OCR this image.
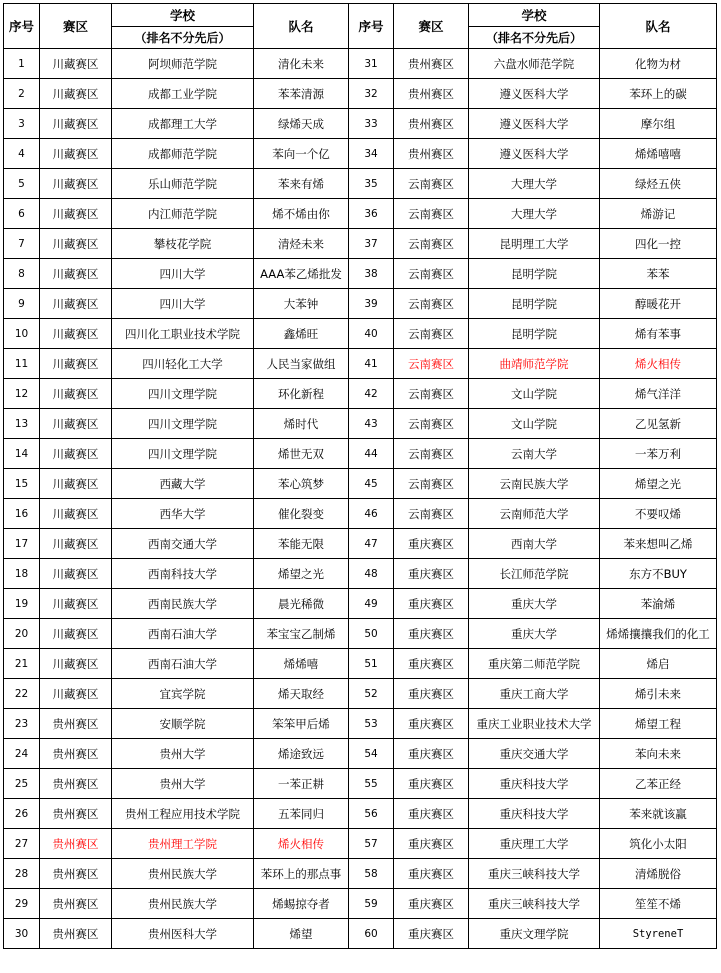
序号	赛区	学校	队名	序号	赛区	学校	队名
		（排名不分先后）				（排名不分先后）	
1	川藏赛区	阿坝师范学院	清化未来	31	贵州赛区	六盘水师范学院	化物为材
2	川藏赛区	成都工业学院	苯苯清源	32	贵州赛区	遵义医科大学	苯环上的碳
3	川藏赛区	成都理工大学	绿烯天成	33	贵州赛区	遵义医科大学	摩尔组
4	川藏赛区	成都师范学院	苯向一个亿	34	贵州赛区	遵义医科大学	烯烯嘻嘻
5	川藏赛区	乐山师范学院	苯来有烯	35	云南赛区	大理大学	绿烃五侠
6	川藏赛区	内江师范学院	烯不烯由你	36	云南赛区	大理大学	烯游记
7	川藏赛区	攀枝花学院	清烃未来	37	云南赛区	昆明理工大学	四化一控
8	川藏赛区	四川大学	AAA苯乙烯批发	38	云南赛区	昆明学院	苯苯
9	川藏赛区	四川大学	大苯钟	39	云南赛区	昆明学院	醇暖花开
10	川藏赛区	四川化工职业技术学院	鑫烯旺	40	云南赛区	昆明学院	烯有苯事
11	川藏赛区	四川轻化工大学	人民当家做组	41	云南赛区	曲靖师范学院	烯火相传
12	川藏赛区	四川文理学院	环化新程	42	云南赛区	文山学院	烯气洋洋
13	川藏赛区	四川文理学院	烯时代	43	云南赛区	文山学院	乙见氢新
14	川藏赛区	四川文理学院	烯世无双	44	云南赛区	云南大学	一苯万利
15	川藏赛区	西藏大学	苯心筑梦	45	云南赛区	云南民族大学	烯望之光
16	川藏赛区	西华大学	催化裂变	46	云南赛区	云南师范大学	不要叹烯
17	川藏赛区	西南交通大学	苯能无限	47	重庆赛区	西南大学	苯来想叫乙烯
18	川藏赛区	西南科技大学	烯望之光	48	重庆赛区	长江师范学院	东方不BUY
19	川藏赛区	西南民族大学	晨光稀微	49	重庆赛区	重庆大学	苯渝烯
20	川藏赛区	西南石油大学	苯宝宝乙制烯	50	重庆赛区	重庆大学	烯烯攘攘我们的化工
21	川藏赛区	西南石油大学	烯烯嘻	51	重庆赛区	重庆第二师范学院	烯启
22	川藏赛区	宜宾学院	烯天取经	52	重庆赛区	重庆工商大学	烯引未来
23	贵州赛区	安顺学院	笨笨甲后烯	53	重庆赛区	重庆工业职业技术大学	烯望工程
24	贵州赛区	贵州大学	烯途致远	54	重庆赛区	重庆交通大学	苯向未来
25	贵州赛区	贵州大学	一苯正耕	55	重庆赛区	重庆科技大学	乙苯正经
26	贵州赛区	贵州工程应用技术学院	五苯同归	56	重庆赛区	重庆科技大学	苯来就该赢
27	贵州赛区	贵州理工学院	烯火相传	57	重庆赛区	重庆理工大学	筑化小太阳
28	贵州赛区	贵州民族大学	苯环上的那点事	58	重庆赛区	重庆三峡科技大学	清烯脱俗
29	贵州赛区	贵州民族大学	烯蜴掠夺者	59	重庆赛区	重庆三峡科技大学	笙笙不烯
30	贵州赛区	贵州医科大学	烯望	60	重庆赛区	重庆文理学院	StyreneT
